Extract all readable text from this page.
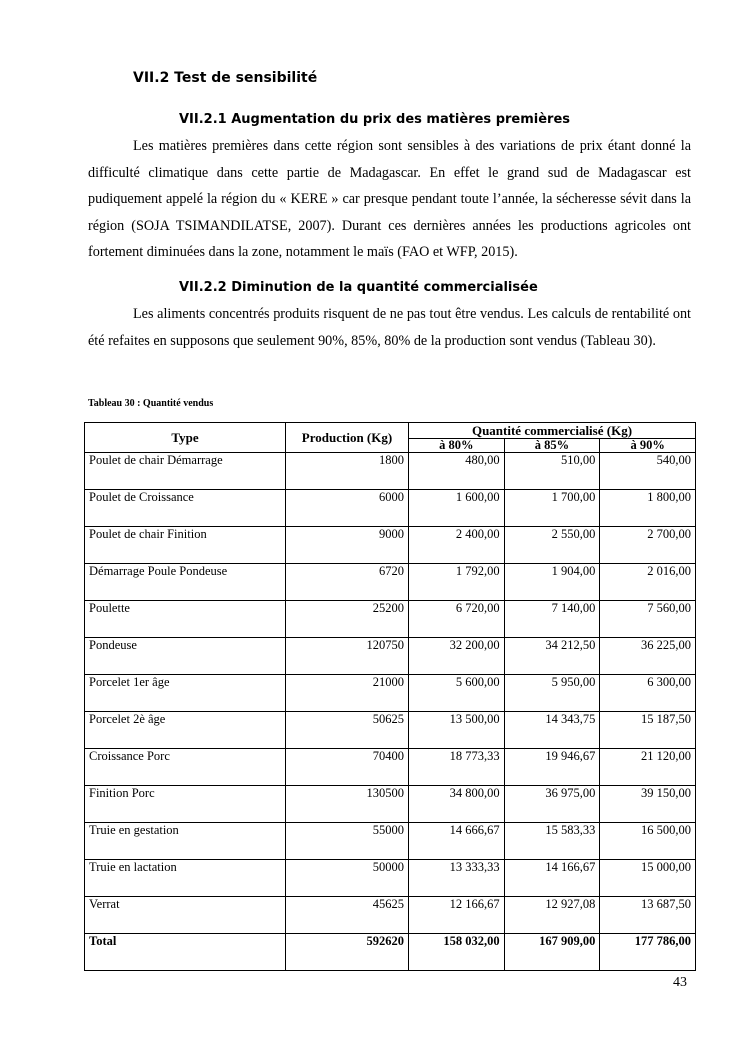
VII.2 Test de sensibilité
VII.2.1 Augmentation du prix des matières premières

Les matières premières dans cette région sont sensibles à des variations de prix étant donné la difficulté climatique dans cette partie de Madagascar. En effet le grand sud de Madagascar est pudiquement appelé la région du « KERE » car presque pendant toute l’année, la sécheresse sévit dans la région (SOJA TSIMANDILATSE, 2007). Durant ces dernières années les productions agricoles ont fortement diminuées dans la zone, notamment le maïs (FAO et WFP, 2015).

VII.2.2 Diminution de la quantité commercialisée

Les aliments concentrés produits risquent de ne pas tout être vendus. Les calculs de rentabilité ont été refaites en supposons que seulement 90%, 85%, 80% de la production sont vendus (Tableau 30).

Tableau 30 : Quantité vendus
Type	Production (Kg)	Quantité commercialisé (Kg)		
		à 80%	à 85%	à 90%
Poulet de chair Démarrage	1800	480,00	510,00	540,00
Poulet de Croissance	6000	1 600,00	1 700,00	1 800,00
Poulet de chair Finition	9000	2 400,00	2 550,00	2 700,00
Démarrage Poule Pondeuse	6720	1 792,00	1 904,00	2 016,00
Poulette	25200	6 720,00	7 140,00	7 560,00
Pondeuse	120750	32 200,00	34 212,50	36 225,00
Porcelet 1er âge	21000	5 600,00	5 950,00	6 300,00
Porcelet 2è âge	50625	13 500,00	14 343,75	15 187,50
Croissance Porc	70400	18 773,33	19 946,67	21 120,00
Finition Porc	130500	34 800,00	36 975,00	39 150,00
Truie en gestation	55000	14 666,67	15 583,33	16 500,00
Truie en lactation	50000	13 333,33	14 166,67	15 000,00
Verrat	45625	12 166,67	12 927,08	13 687,50
Total	592620	158 032,00	167 909,00	177 786,00
43
